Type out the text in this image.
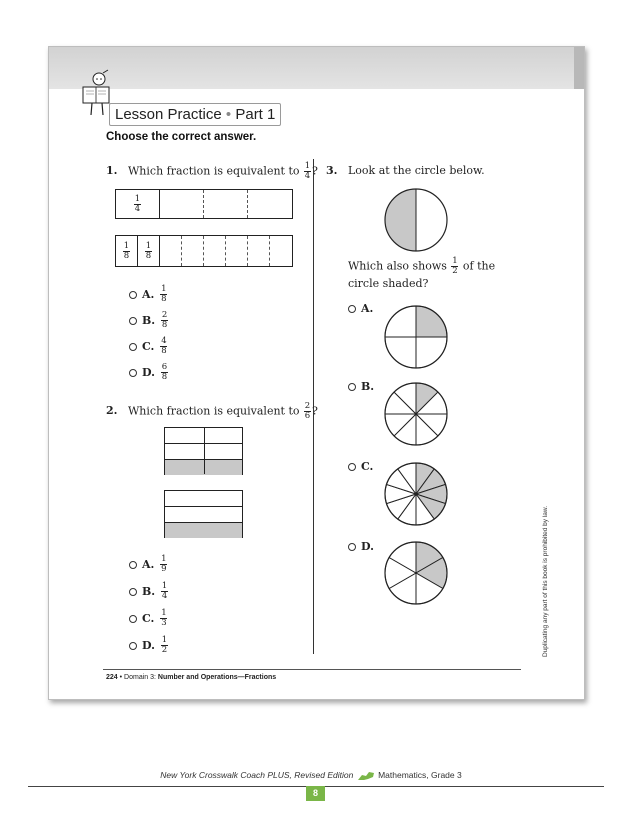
Lesson Practice • Part 1
Choose the correct answer.
1. Which fraction is equivalent to $\frac{1}{4}$ ?
$\frac{1}{4}$
$\frac{1}{8} \frac{1}{8}$
A. $\frac{1}{8}$
B. $\frac{2}{8}$
C. $\frac{4}{8}$
D. $\frac{6}{8}$
2. Which fraction is equivalent to $\frac{2}{6}$ ?
A. $\frac{1}{9}$
B. $\frac{1}{4}$
C. $\frac{1}{3}$
D. $\frac{1}{2}$
3. Look at the circle below.
Which also shows $\frac{1}{2}$ of the
circle shaded?
A.
B.
C.
D.	Duplicating any part of this book is prohibited by law.
224 • Domain 3: Number and Operations—Fractions
New York Crosswalk Coach PLUS, Revised Edition	Mathematics, Grade 3
8
